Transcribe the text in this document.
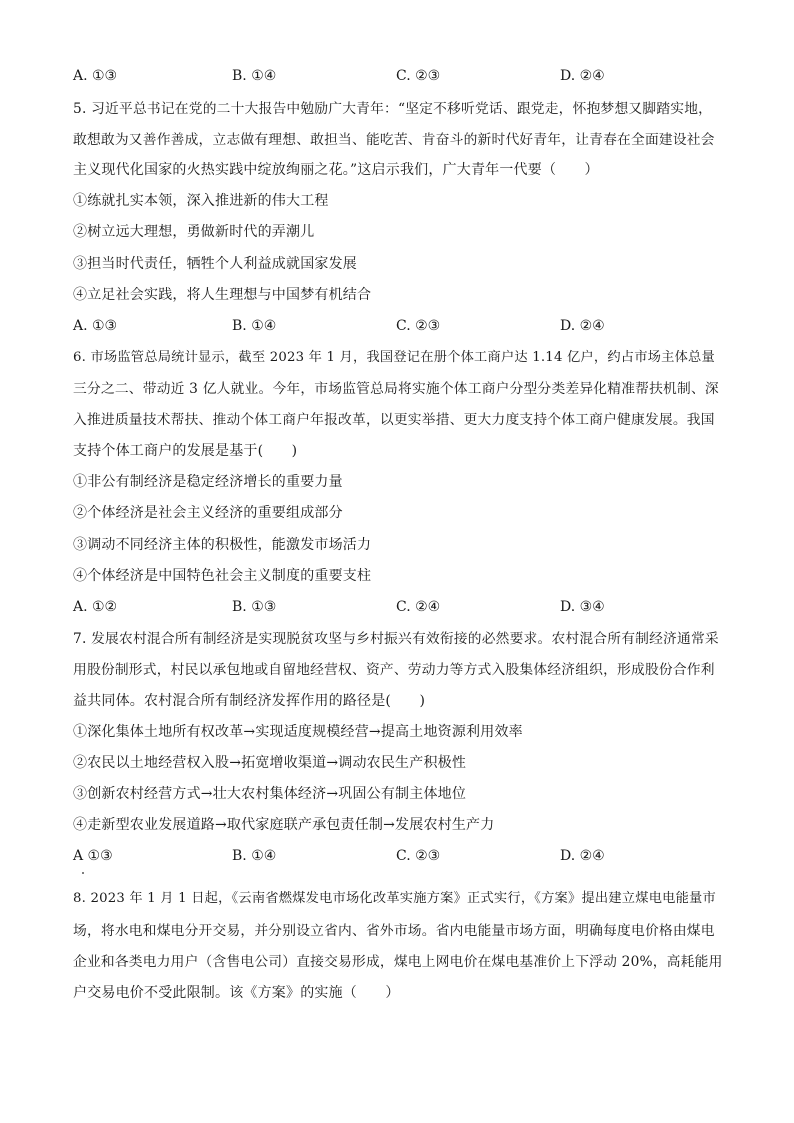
A. ①③	B. ①④	C. ②③	D. ②④
5. 习近平总书记在党的二十大报告中勉励广大青年：“坚定不移听党话、跟党走，怀抱梦想又脚踏实地，
敢想敢为又善作善成，立志做有理想、敢担当、能吃苦、肯奋斗的新时代好青年，让青春在全面建设社会
主义现代化国家的火热实践中绽放绚丽之花。”这启示我们，广大青年一代要（　　）
①练就扎实本领，深入推进新的伟大工程
②树立远大理想，勇做新时代的弄潮儿
③担当时代责任，牺牲个人利益成就国家发展
④立足社会实践，将人生理想与中国梦有机结合
A. ①③	B. ①④	C. ②③	D. ②④
6. 市场监管总局统计显示，截至 2023 年 1 月，我国登记在册个体工商户达 1.14 亿户，约占市场主体总量
三分之二、带动近 3 亿人就业。今年，市场监管总局将实施个体工商户分型分类差异化精准帮扶机制、深
入推进质量技术帮扶、推动个体工商户年报改革，以更实举措、更大力度支持个体工商户健康发展。我国
支持个体工商户的发展是基于(　　)
①非公有制经济是稳定经济增长的重要力量
②个体经济是社会主义经济的重要组成部分
③调动不同经济主体的积极性，能激发市场活力
④个体经济是中国特色社会主义制度的重要支柱
A. ①②	B. ①③	C. ②④	D. ③④
7. 发展农村混合所有制经济是实现脱贫攻坚与乡村振兴有效衔接的必然要求。农村混合所有制经济通常采
用股份制形式，村民以承包地或自留地经营权、资产、劳动力等方式入股集体经济组织，形成股份合作利
益共同体。农村混合所有制经济发挥作用的路径是(　　)
①深化集体土地所有权改革→实现适度规模经营→提高土地资源利用效率
②农民以土地经营权入股→拓宽增收渠道→调动农民生产积极性
③创新农村经营方式→壮大农村集体经济→巩固公有制主体地位
④走新型农业发展道路→取代家庭联产承包责任制→发展农村生产力
A ①③	B. ①④	C. ②③	D. ②④
8. 2023 年 1 月 1 日起，《云南省燃煤发电市场化改革实施方案》正式实行，《方案》提出建立煤电电能量市
场，将水电和煤电分开交易，并分别设立省内、省外市场。省内电能量市场方面，明确每度电价格由煤电
企业和各类电力用户（含售电公司）直接交易形成，煤电上网电价在煤电基准价上下浮动 20%，高耗能用
户交易电价不受此限制。该《方案》的实施（　　）
